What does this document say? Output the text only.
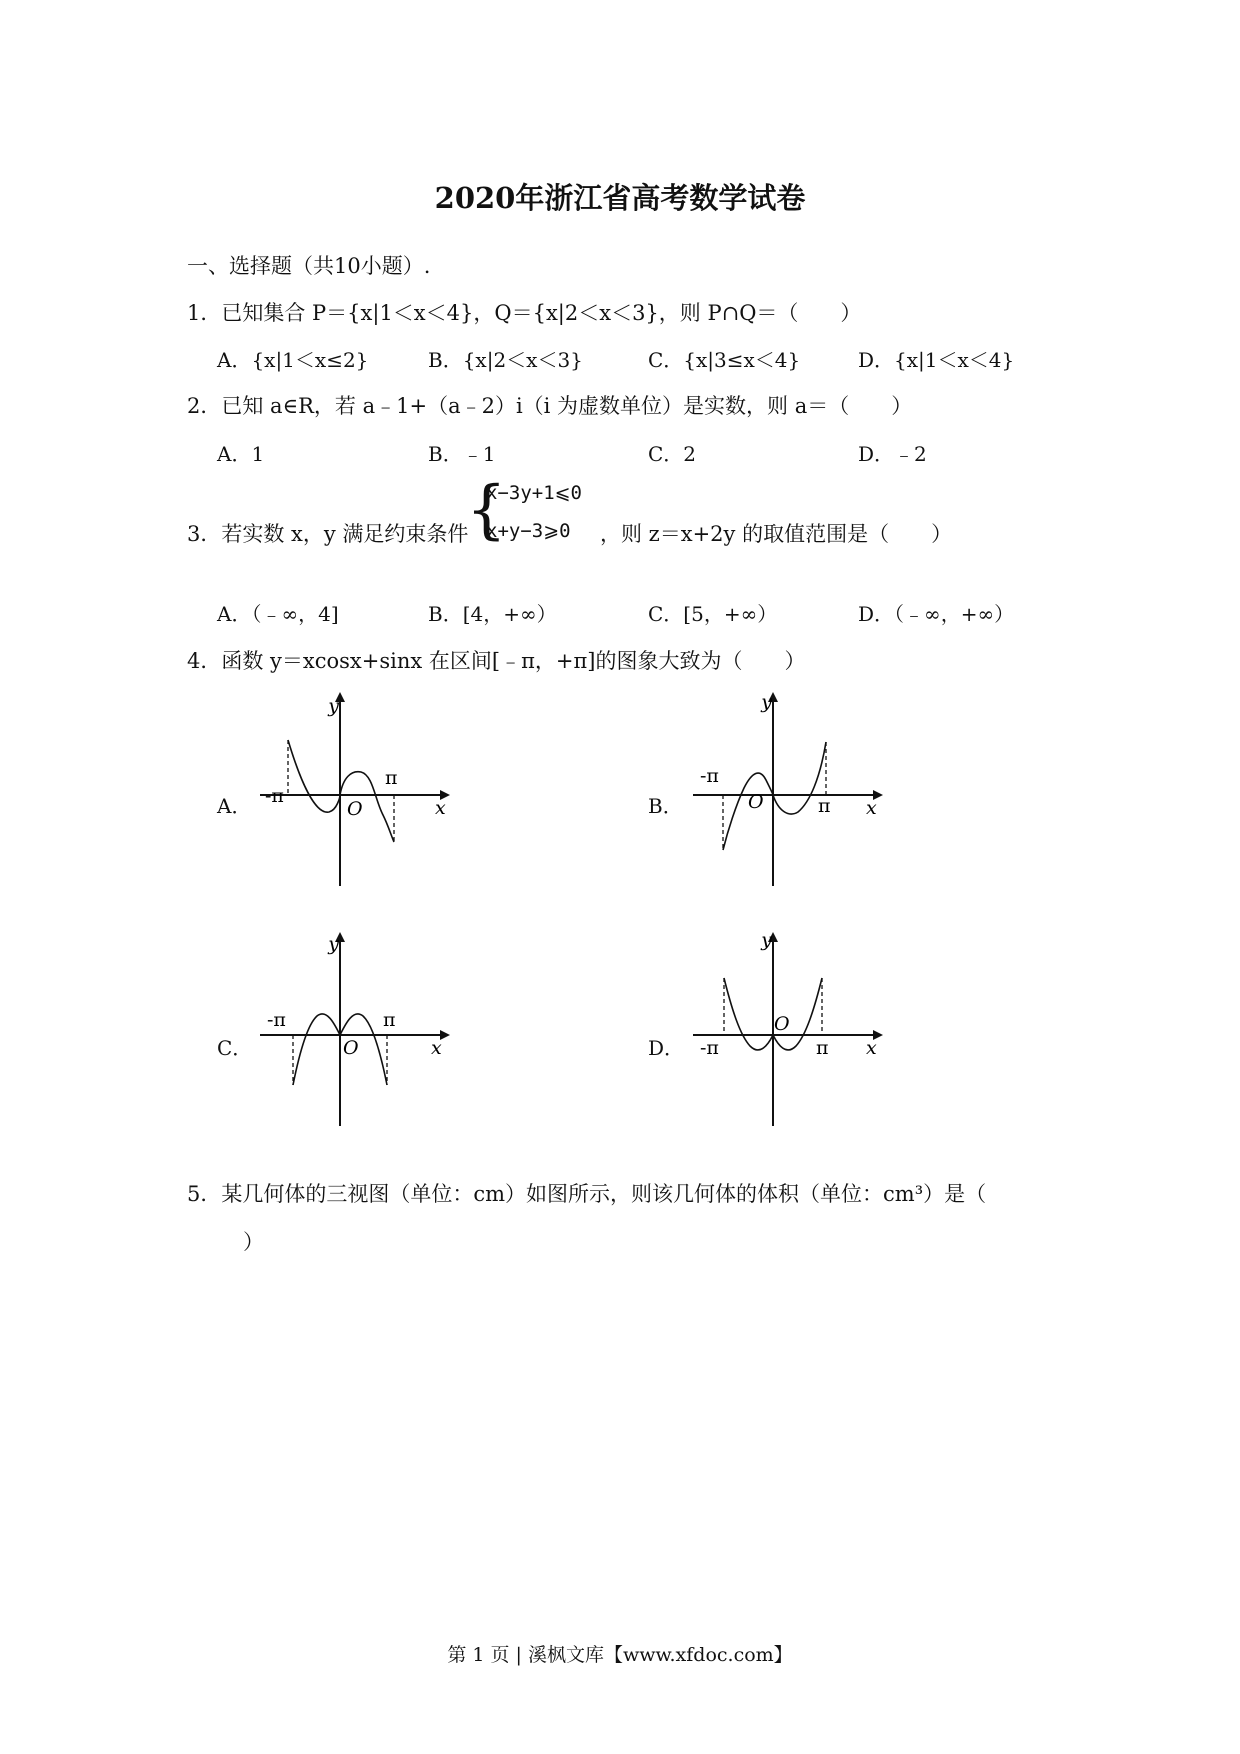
2020年浙江省高考数学试卷
一、选择题（共10小题）.
1．已知集合 P＝{x|1＜x＜4}，Q＝{x|2＜x＜3}，则 P∩Q＝（　　）
A．{x|1＜x≤2}	B．{x|2＜x＜3}	C．{x|3≤x＜4}	D．{x|1＜x＜4}
2．已知 a∈R，若 a﹣1+（a﹣2）i（i 为虚数单位）是实数，则 a＝（　　）
A．1	B．﹣1	C．2	D．﹣2
3．若实数 x，y 满足约束条件
{
x−3y+1⩽0
x+y−3⩾0 ，则 z＝x+2y 的取值范围是（　　）
A．（﹣∞，4]	B．[4，+∞）	C．[5，+∞）	D．（﹣∞，+∞）
4．函数 y＝xcosx+sinx 在区间[﹣π，+π]的图象大致为（　　）
A．	B．
C．	D．
y
x
O
-π
π
y
x
O
-π
π
y
x
O
-π	π
y
x
O
-π	π
5．某几何体的三视图（单位：cm）如图所示，则该几何体的体积（单位：cm³）是（
）
第 1 页 | 溪枫文库【www.xfdoc.com】
